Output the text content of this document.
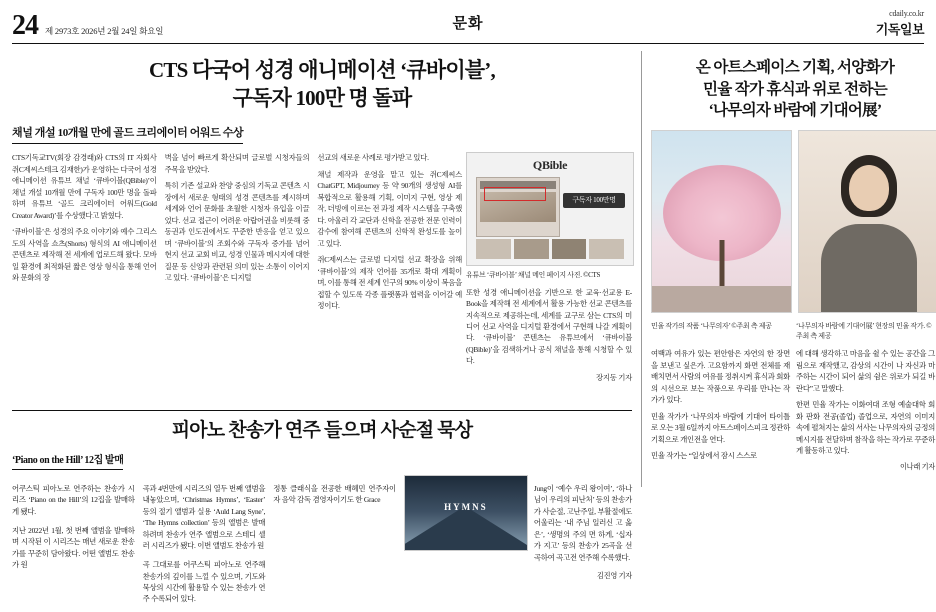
24 제 2973호 2026년 2월 24일 화요일	문화
cdaily.co.kr
기독일보
CTS 다국어 성경 애니메이션 ‘큐바이블’,
구독자 100만 명 돌파
채널 개설 10개월 만에 골드 크리에이터 어워드 수상

CTS기독교TV(회장 감경래)와 CTS의 IT 자회사 쥐C제씨스테크 김재한)가 운영하는 다국어 성경 애니메이션 유튜브 채널 ‘큐바이블(QBible)’이 채널 개설 10개월 만에 구독자 100만 명을 돌파하며 유튜브 ‘골드 크리에이터 어워드(Gold Creator Award)’를 수상했다고 밝혔다.

‘큐바이블’은 성경의 주요 이야기와 예수 그리스도의 사역을 쇼츠(Shorts) 형식의 AI 애니메이션 콘텐츠로 제작해 전 세계에 업로드해 왔다. 모바일 환경에 최적화된 짧은 영상 형식을 통해 언어와 문화의 장

벽을 넘어 빠르게 확산되며 글로벌 시청자들의 주목을 받았다.

특히 기존 설교와 찬양 중심의 기독교 콘텐츠 시장에서 새로운 형태의 성경 콘텐츠를 제시하며 세계와 언어 문화를 초월한 시청자 유입을 이끌었다. 선교 접근이 어려운 아랍어권을 비롯해 중동권과 인도권에서도 꾸준한 반응을 얻고 있으며 ‘큐바이블’의 조회수와 구독자 증가를 넘어 현지 선교 교회 비교, 성경 인물과 메시지에 대한 질문 등 신앙과 관련된 의미 있는 소통이 이어지고 있다. ‘큐바이블’은 디지털

선교의 새로운 사례로 평가받고 있다.

채널 제작과 운영을 맡고 있는 쥐C제씨스 ChatGPT, Midjourney 등 약 90개의 생성형 AI를 복합적으로 활용해 기획, 이미지 구현, 영상 제작, 더빙에 이르는 전 과정 제작 시스템을 구축했다. 아울러 각 교단과 신학을 전공한 전문 인력이 감수에 참여해 콘텐츠의 신학적 완성도를 높이고 있다.

쥐C제씨스는 글로벌 디지털 선교 확장을 위해 ‘큐바이블’의 제작 언어를 35개로 확대 계획이며, 이를 통해 전 세계 인구의 90% 이상이 복음을 접할 수 있도록 각종 플랫폼과 협력을 이어갈 예정이다.

QBible
구독자 100만명
유튜브 ‘큐바이블’ 채널 메인 페이지 사진. ©CTS

또한 성경 애니메이션을 기반으로 한 교육·선교용 E-Book을 제작해 전 세계에서 활용 가능한 선교 콘텐츠를 지속적으로 제공하는데, 세계를 교구로 삼는 CTS의 미디어 선교 사역을 디지털 환경에서 구현해 나갈 계획이다. ‘큐바이블’ 콘텐츠는 유튜브에서 ‘큐바이블(QBible)’을 검색하거나 공식 채널을 통해 시청할 수 있다.

장지동 기자
피아노 찬송가 연주 들으며 사순절 묵상
‘Piano on the Hill’ 12집 발매

어쿠스틱 피아노로 연주하는 찬송가 시리즈 ‘Piano on the Hill’의 12집을 발매하게 됐다.

지난 2022년 1월, 첫 번째 앨범을 발매하며 시작된 이 시리즈는 매년 새로운 찬송가를 꾸준히 담아왔다. 어떤 앨범도 찬송가 원

곡과 4번만에 시리즈의 열두 번째 앨범을 내놓았으며, ‘Christmas Hymns’, ‘Easter’ 등의 절기 앨범과 실용 ‘Auld Lang Syne’, ‘The Hymns collection’ 등의 앨범은 발매하려며 찬송가 연주 앨범으로 스테디 셀러 시리즈가 됐다. 이번 앨범도 찬송가 원

곡 그대로를 어쿠스틱 피아노로 연주해 찬송가의 깊이를 느낄 수 있으며, 기도와 묵상의 시간에 활용할 수 있는 찬송가 연주 수록되어 있다.

정통 클래식을 전공한 배혜민 연주자이자 음악 감독 겸영자이기도 한 Grace

HYMNS

Jung이 ‘예수 우리 왕이여’, ‘하나님이 우리의 피난처’ 등의 찬송가가 사순절, 고난주일, 부활절에도 어울리는 ‘내 주님 일러신 고 옳은’, ‘생명의 주의 면 하게, ‘십자가 지고’ 등의 찬송가 25곡을 선곡하여 곡고전 연주해 수록했다.

김진영 기자
온 아트스페이스 기획, 서양화가
민율 작가 휴식과 위로 전하는
‘나무의자 바람에 기대어展’
민율 작가의 작품 ‘나무의자’ ©주최 측 제공	‘나무의자 바람에 기대어展’ 현장의 민율 작가. ©주최 측 제공

여백과 여유가 있는 편안함은 자연의 한 장면을 보낸고 싶은가. 고요함까지 화면 전체를 재배치면서 사람의 여유를 정취시켜 휴식과 회화의 시선으로 보는 작품으로 우리를 만나는 작가가 있다.

민율 작가가 ‘나무의자 바람에 기대어 타이틀로 오는 3월 6일까지 아트스페이스피크 정관하 기획으로 개인전을 연다.

민율 작가는 “일상에서 잠시 스스로

에 대해 생각하고 마음을 쉴 수 있는 공간을 그림으로 재작했고, 감상의 시간이 나 자신과 마주하는 시간이 되어 삶의 쉼은 위로가 되길 바란다”고 말했다.

한편 민율 작가는 이화여대 조형 예술대학 회화 판화 전공(졸업) 졸업으로, 자연의 이미지 속에 펼쳐지는 삶의 서사는 나무의자의 긍정의 메시지를 전달하며 참작을 하는 작가로 꾸준하게 활동하고 있다.

이나래 기자
